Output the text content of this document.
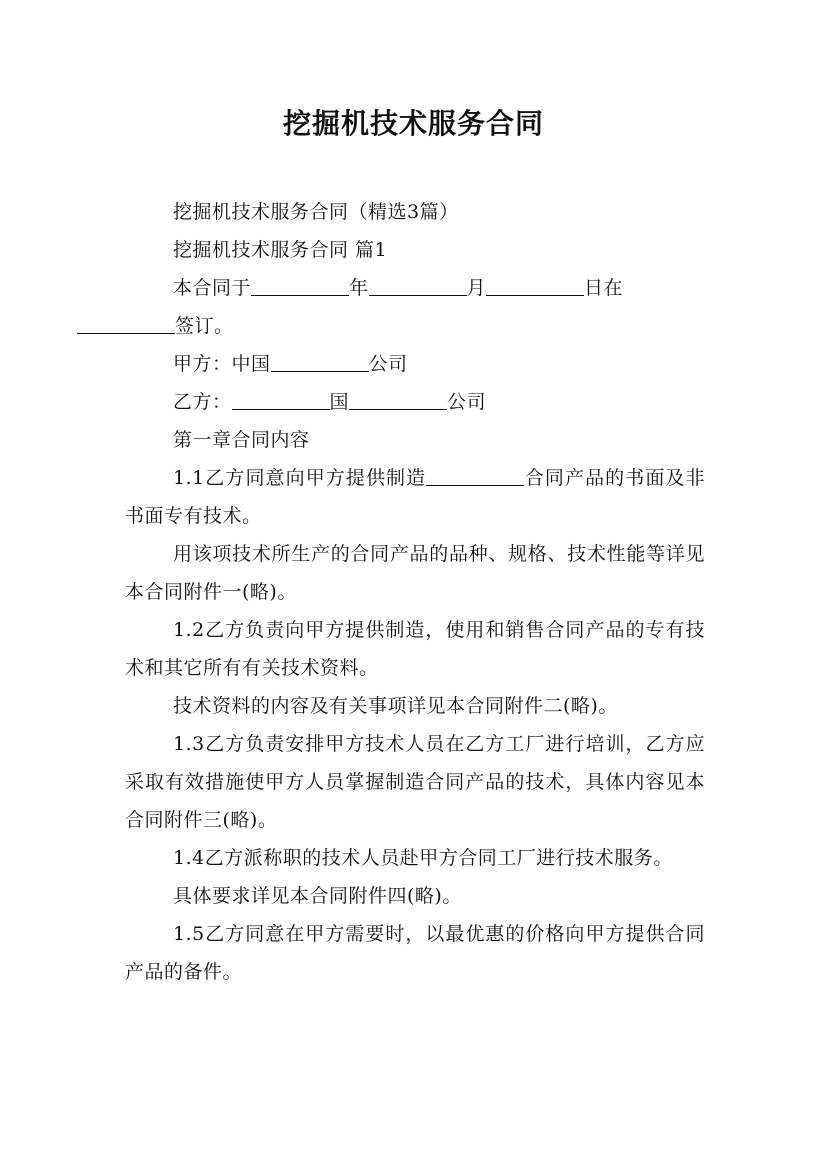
挖掘机技术服务合同

挖掘机技术服务合同（精选3篇）

挖掘机技术服务合同 篇1

本合同于	年	月	日在
签订。

甲方：中国	公司

乙方：	国	公司

第一章合同内容

1.1乙方同意向甲方提供制造	合同产品的书面及非书面专有技术。

用该项技术所生产的合同产品的品种、规格、技术性能等详见本合同附件一(略)。

1.2乙方负责向甲方提供制造，使用和销售合同产品的专有技术和其它所有有关技术资料。

技术资料的内容及有关事项详见本合同附件二(略)。

1.3乙方负责安排甲方技术人员在乙方工厂进行培训，乙方应采取有效措施使甲方人员掌握制造合同产品的技术，具体内容见本合同附件三(略)。

1.4乙方派称职的技术人员赴甲方合同工厂进行技术服务。

具体要求详见本合同附件四(略)。

1.5乙方同意在甲方需要时，以最优惠的价格向甲方提供合同产品的备件。
